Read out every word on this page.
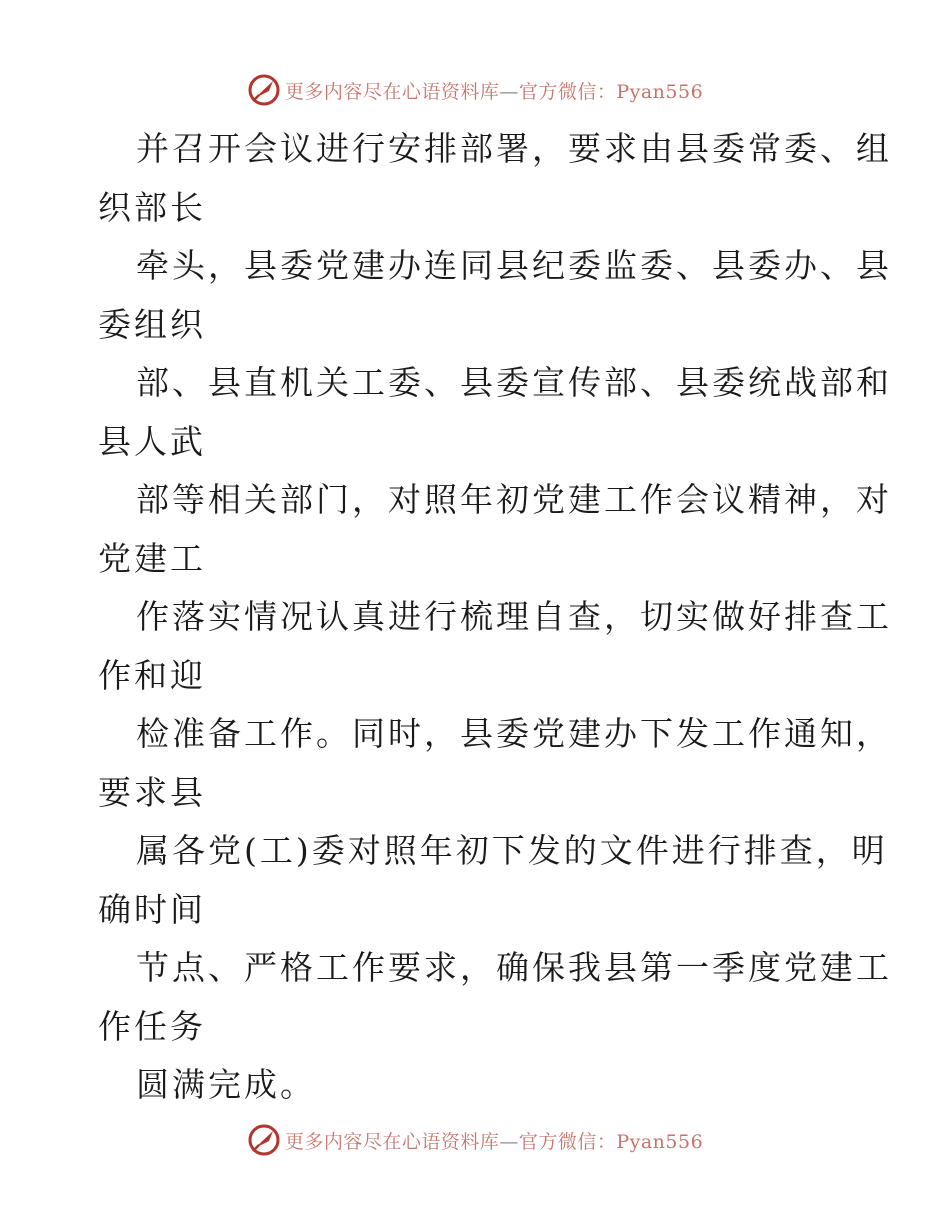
更多内容尽在心语资料库—官方微信：Pyan556
并召开会议进行安排部署，要求由县委常委、组
织部长
牵头，县委党建办连同县纪委监委、县委办、县
委组织
部、县直机关工委、县委宣传部、县委统战部和
县人武
部等相关部门，对照年初党建工作会议精神，对
党建工
作落实情况认真进行梳理自查，切实做好排查工
作和迎
检准备工作。同时，县委党建办下发工作通知，
要求县
属各党(工)委对照年初下发的文件进行排查，明
确时间
节点、严格工作要求，确保我县第一季度党建工
作任务
圆满完成。
更多内容尽在心语资料库—官方微信：Pyan556
